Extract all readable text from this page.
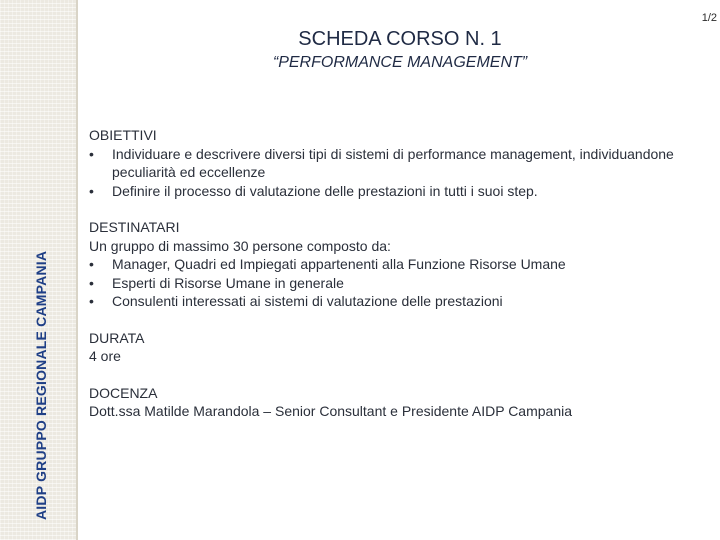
AIDP GRUPPO REGIONALE CAMPANIA
1/2
SCHEDA CORSO N. 1
“PERFORMANCE MANAGEMENT”
OBIETTIVI
• Individuare e descrivere diversi tipi di sistemi di performance management, individuandone peculiarità ed eccellenze
• Definire il processo di valutazione delle prestazioni in tutti i suoi step.
DESTINATARI
Un gruppo di massimo 30 persone composto da:
• Manager, Quadri ed Impiegati appartenenti alla Funzione Risorse Umane
• Esperti di Risorse Umane in generale
• Consulenti interessati ai sistemi di valutazione delle prestazioni
DURATA
4 ore
DOCENZA
Dott.ssa Matilde Marandola – Senior Consultant e Presidente AIDP Campania
